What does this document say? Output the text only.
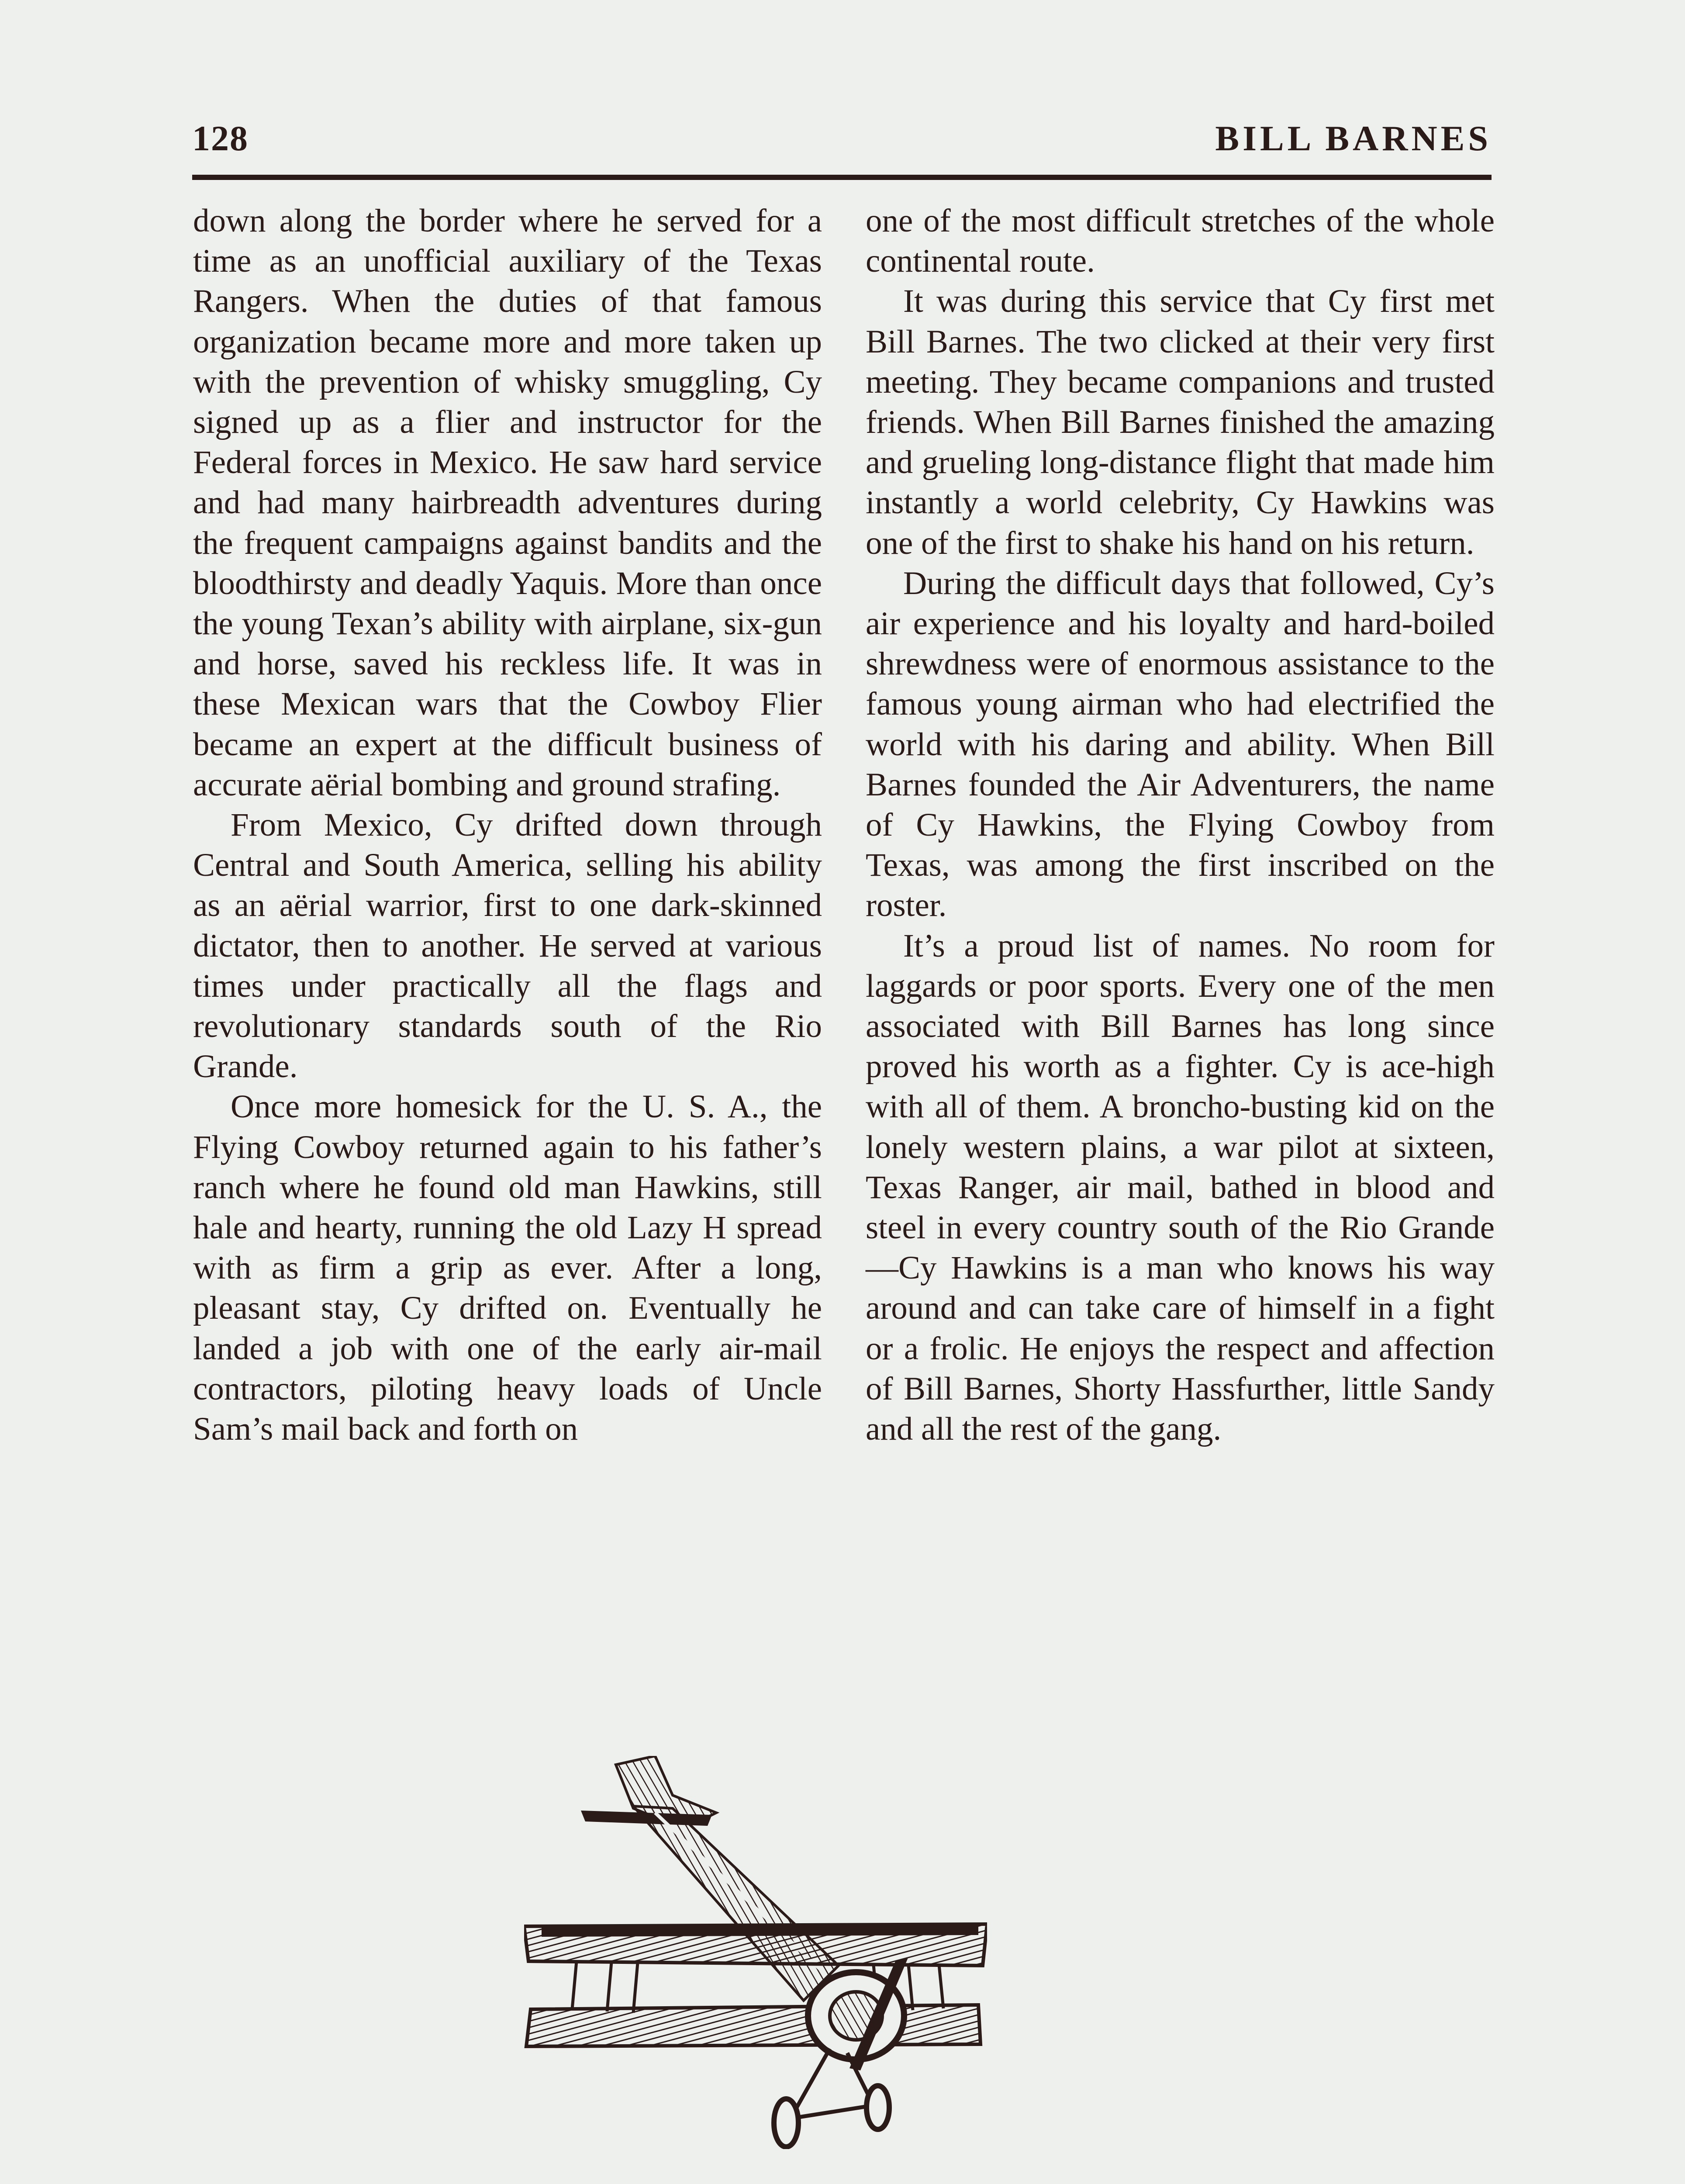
128	BILL BARNES

down along the border where he served for a time as an unofficial auxiliary of the Texas Rangers. When the duties of that famous organization became more and more taken up with the prevention of whisky smuggling, Cy signed up as a flier and instructor for the Federal forces in Mexico. He saw hard service and had many hairbreadth adventures during the frequent campaigns against bandits and the bloodthirsty and deadly Yaquis. More than once the young Texan’s ability with airplane, six-gun and horse, saved his reckless life. It was in these Mexican wars that the Cowboy Flier became an expert at the difficult business of accurate aërial bombing and ground strafing.

From Mexico, Cy drifted down through Central and South America, selling his ability as an aërial warrior, first to one dark-skinned dictator, then to another. He served at various times under practically all the flags and revolutionary standards south of the Rio Grande.

Once more homesick for the U. S. A., the Flying Cowboy returned again to his father’s ranch where he found old man Hawkins, still hale and hearty, running the old Lazy H spread with as firm a grip as ever. After a long, pleasant stay, Cy drifted on. Eventually he landed a job with one of the early air-mail contractors, piloting heavy loads of Uncle Sam’s mail back and forth on

one of the most difficult stretches of the whole continental route.

It was during this service that Cy first met Bill Barnes. The two clicked at their very first meeting. They became companions and trusted friends. When Bill Barnes finished the amazing and grueling long-distance flight that made him instantly a world celebrity, Cy Hawkins was one of the first to shake his hand on his return.

During the difficult days that followed, Cy’s air experience and his loyalty and hard-boiled shrewdness were of enormous assistance to the famous young airman who had electrified the world with his daring and ability. When Bill Barnes founded the Air Adventurers, the name of Cy Hawkins, the Flying Cowboy from Texas, was among the first inscribed on the roster.

It’s a proud list of names. No room for laggards or poor sports. Every one of the men associated with Bill Barnes has long since proved his worth as a fighter. Cy is ace-high with all of them. A broncho-busting kid on the lonely western plains, a war pilot at sixteen, Texas Ranger, air mail, bathed in blood and steel in every country south of the Rio Grande—Cy Hawkins is a man who knows his way around and can take care of himself in a fight or a frolic. He enjoys the respect and affection of Bill Barnes, Shorty Hassfurther, little Sandy and all the rest of the gang.
